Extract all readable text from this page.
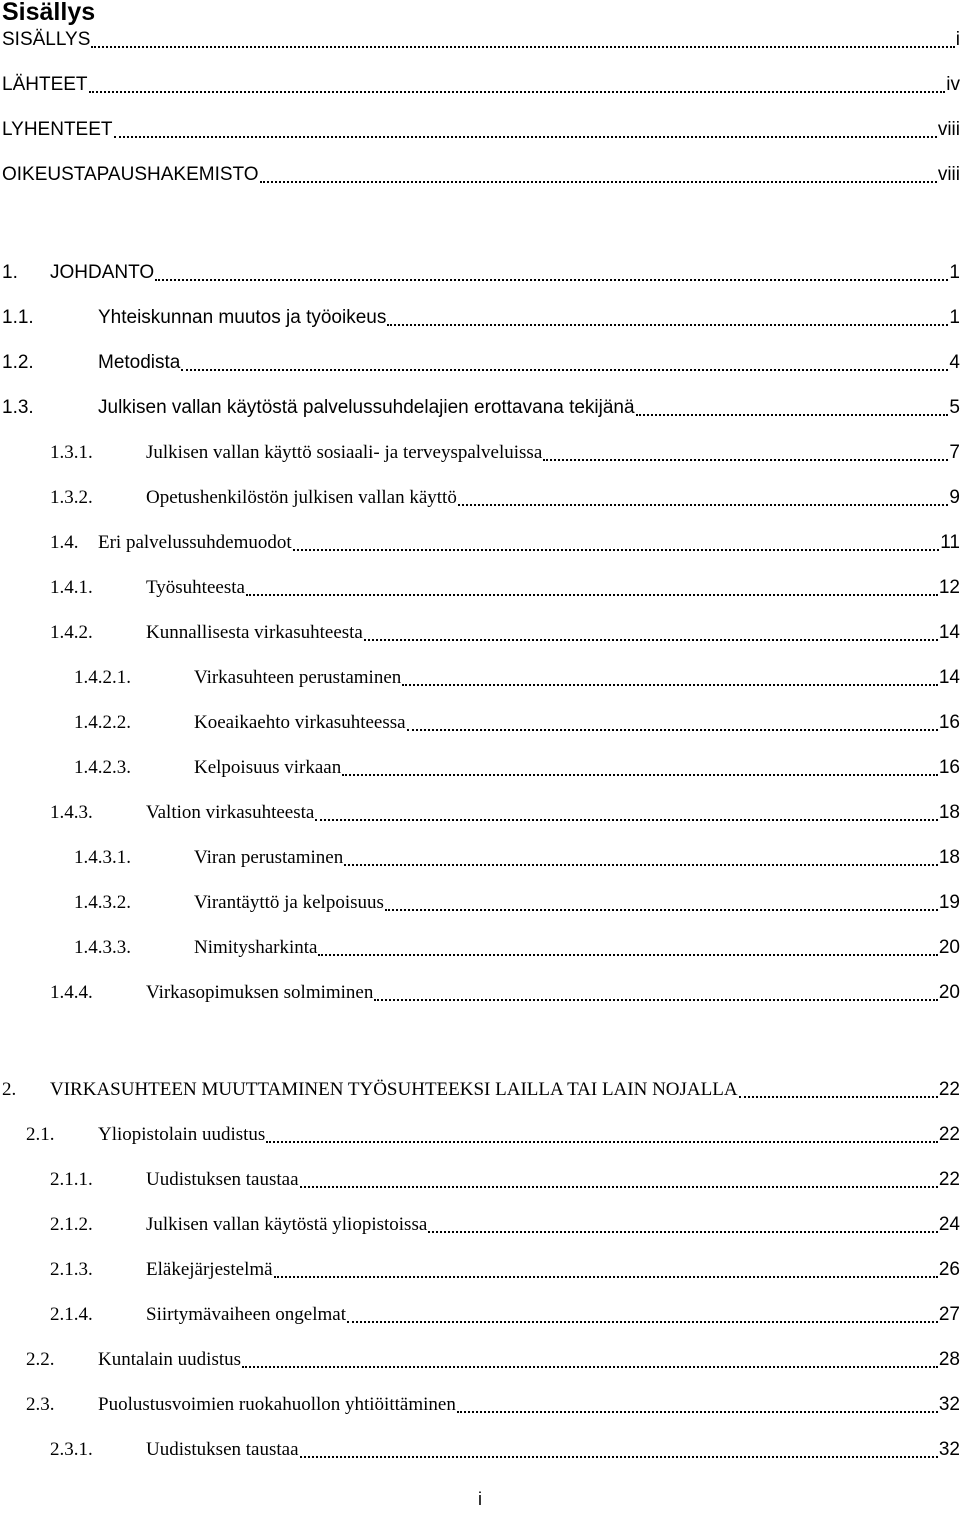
Sisällys
SISÄLLYS	i
LÄHTEET	iv
LYHENTEET	viii
OIKEUSTAPAUSHAKEMISTO	viii
1.	JOHDANTO	1
1.1.	Yhteiskunnan muutos ja työoikeus	1
1.2.	Metodista	4
1.3.	Julkisen vallan käytöstä palvelussuhdelajien erottavana tekijänä	5
1.3.1.	Julkisen vallan käyttö sosiaali- ja terveyspalveluissa	7
1.3.2.	Opetushenkilöstön julkisen vallan käyttö	9
1.4.	Eri palvelussuhdemuodot	11
1.4.1.	Työsuhteesta	12
1.4.2.	Kunnallisesta virkasuhteesta	14
1.4.2.1.	Virkasuhteen perustaminen	14
1.4.2.2.	Koeaikaehto virkasuhteessa	16
1.4.2.3.	Kelpoisuus virkaan	16
1.4.3.	Valtion virkasuhteesta	18
1.4.3.1.	Viran perustaminen	18
1.4.3.2.	Virantäyttö ja kelpoisuus	19
1.4.3.3.	Nimitysharkinta	20
1.4.4.	Virkasopimuksen solmiminen	20
2.	VIRKASUHTEEN MUUTTAMINEN TYÖSUHTEEKSI LAILLA TAI LAIN NOJALLA	22
2.1.	Yliopistolain uudistus	22
2.1.1.	Uudistuksen taustaa	22
2.1.2.	Julkisen vallan käytöstä yliopistoissa	24
2.1.3.	Eläkejärjestelmä	26
2.1.4.	Siirtymävaiheen ongelmat	27
2.2.	Kuntalain uudistus	28
2.3.	Puolustusvoimien ruokahuollon yhtiöittäminen	32
2.3.1.	Uudistuksen taustaa	32
i
